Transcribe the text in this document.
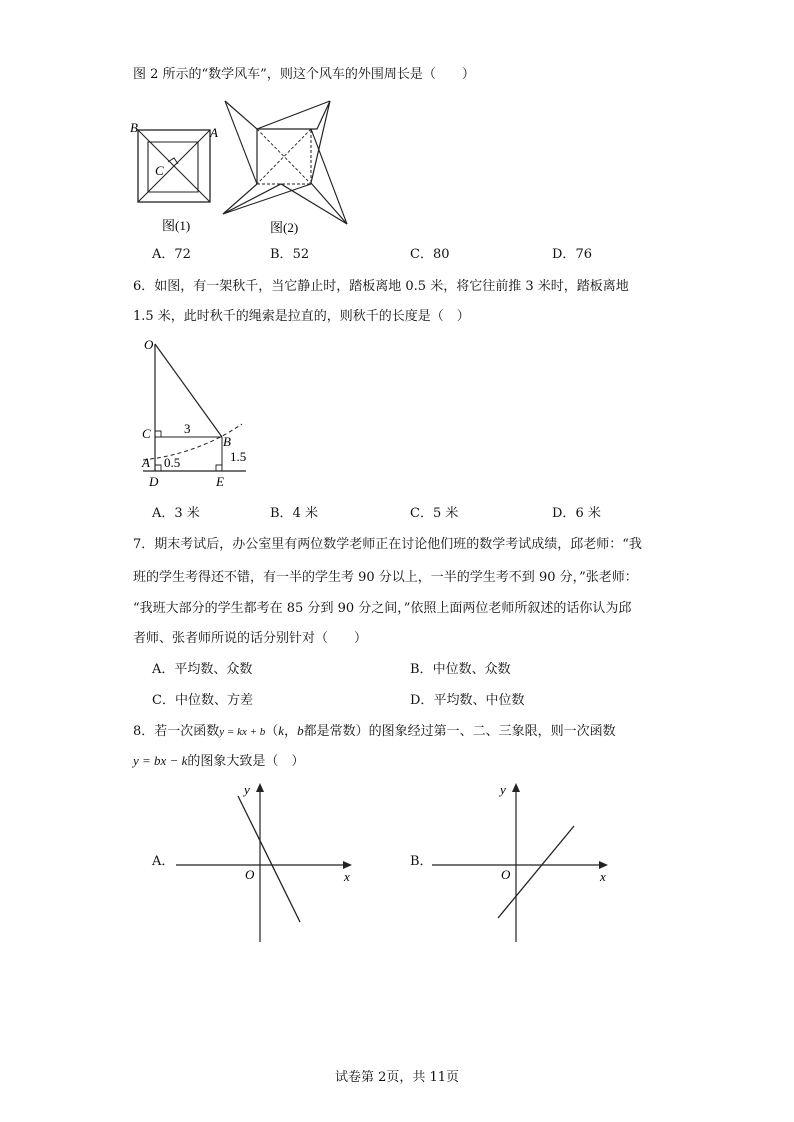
图 2 所示的“数学风车”，则这个风车的外围周长是（　　）
B	A
C
图(1)	图(2)
A．72	B．52	C．80	D．76
6．如图，有一架秋千，当它静止时，踏板离地 0.5 米，将它往前推 3 米时，踏板离地
1.5 米，此时秋千的绳索是拉直的，则秋千的长度是（　）
O
C	3
B
1.5
A 0.5
D	E
A．3 米	B．4 米	C．5 米	D．6 米
7．期末考试后，办公室里有两位数学老师正在讨论他们班的数学考试成绩，邱老师：“我
班的学生考得还不错，有一半的学生考 90 分以上，一半的学生考不到 90 分，”张老师：
“我班大部分的学生都考在 85 分到 90 分之间，”依照上面两位老师所叙述的话你认为邱
者师、张者师所说的话分别针对（　　）
A．平均数、众数	B．中位数、众数
C．中位数、方差	D．平均数、中位数
8．若一次函数y = kx + b（k，b都是常数）的图象经过第一、二、三象限，则一次函数
y = bx − k的图象大致是（　）
A．
y
x
O
B．
y
x
O
试卷第 2页，共 11页
